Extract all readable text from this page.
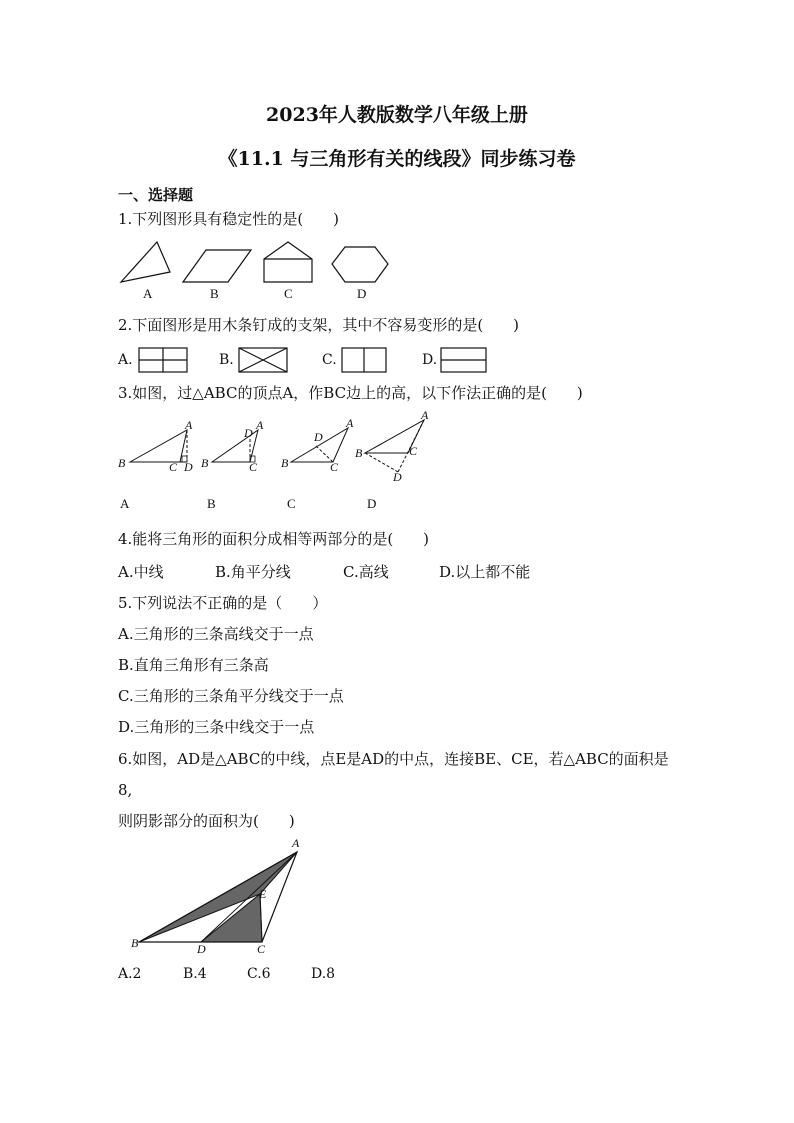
2023年人教版数学八年级上册
《11.1 与三角形有关的线段》同步练习卷
一、选择题
1.下列图形具有稳定性的是(　　)
A	B	C	D
2.下面图形是用木条钉成的支架，其中不容易变形的是(　　)
A.	B.	C.	D.
3.如图，过△ABC的顶点A，作BC边上的高，以下作法正确的是(　　)
A
B	C D
A
D
B	C
A
D
B	C
A
B	C
D
A	B	C	D
4.能将三角形的面积分成相等两部分的是(　　)
A.中线	B.角平分线	C.高线	D.以上都不能
5.下列说法不正确的是（　　）
A.三角形的三条高线交于一点
B.直角三角形有三条高
C.三角形的三条角平分线交于一点
D.三角形的三条中线交于一点
6.如图，AD是△ABC的中线，点E是AD的中点，连接BE、CE，若△ABC的面积是
8,
则阴影部分的面积为(　　)
A
E
B	D	C
A.2	B.4	C.6	D.8
